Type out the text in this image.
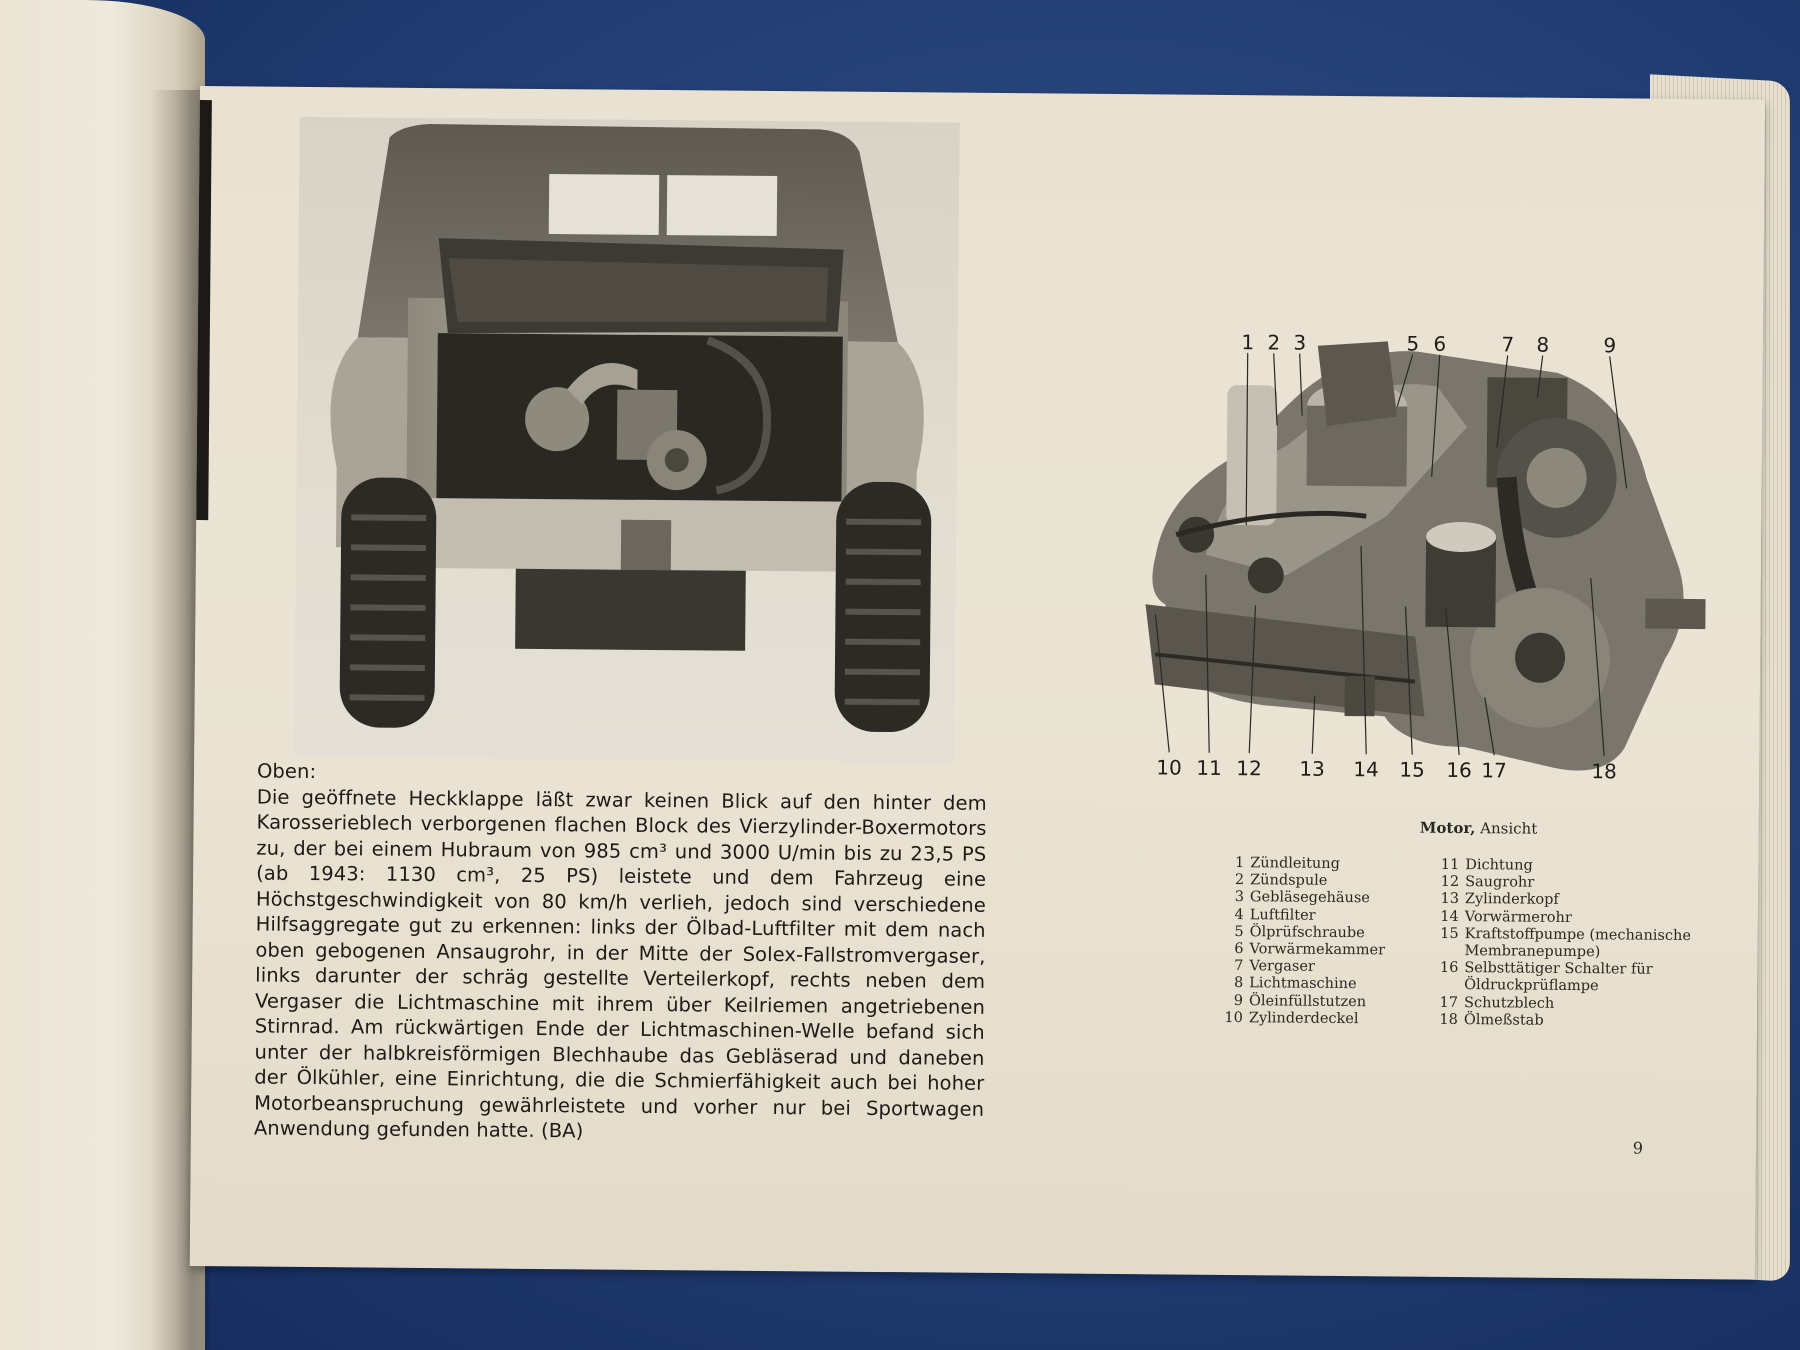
Oben:
Die geöffnete Heckklappe läßt zwar keinen Blick auf den hinter dem Karosserieblech verborgenen flachen Block des Vierzylinder-Boxermotors zu, der bei einem Hubraum von 985 cm³ und 3000 U/min bis zu 23,5 PS (ab 1943: 1130 cm³, 25 PS) leistete und dem Fahrzeug eine Höchstgeschwindigkeit von 80 km/h verlieh, jedoch sind verschiedene Hilfsaggregate gut zu erkennen: links der Ölbad-Luftfilter mit dem nach oben gebogenen Ansaugrohr, in der Mitte der Solex-Fallstromvergaser, links darunter der schräg gestellte Verteilerkopf, rechts neben dem Vergaser die Lichtmaschine mit ihrem über Keilriemen angetriebenen Stirnrad. Am rückwärtigen Ende der Lichtmaschinen-Welle befand sich unter der halbkreisförmigen Blechhaube das Gebläserad und daneben der Ölkühler, eine Einrichtung, die die Schmierfähigkeit auch bei hoher Motorbeanspruchung gewährleistete und vorher nur bei Sportwagen Anwendung gefunden hatte. (BA)
1 2 3	5 6	7 8	9
10 11 12 13 14 15 16 17	18
Motor, Ansicht
1 Zündleitung
2 Zündspule
3 Gebläsegehäuse
4 Luftfilter
5 Ölprüfschraube
6 Vorwärmekammer
7 Vergaser
8 Lichtmaschine
9 Öleinfüllstutzen
10 Zylinderdeckel
11 Dichtung
12 Saugrohr
13 Zylinderkopf
14 Vorwärmerohr
15 Kraftstoffpumpe (mechanische Membranepumpe)
16 Selbsttätiger Schalter für Öldruckprüflampe
17 Schutzblech
18 Ölmeßstab
9
